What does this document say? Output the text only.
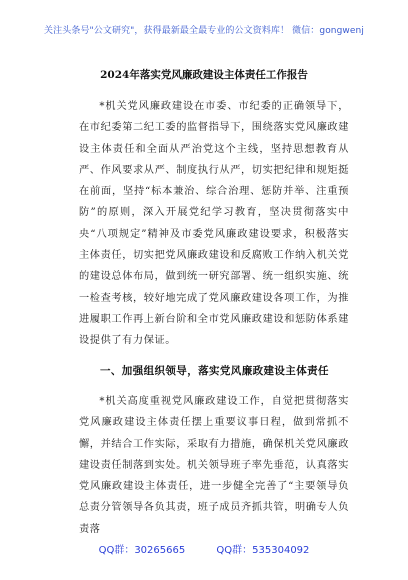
关注头条号"公文研究"，获得最新最全最专业的公文资料库！ 微信：gongwenj
2024年落实党风廉政建设主体责任工作报告

*机关党风廉政建设在市委、市纪委的正确领导下，在市纪委第二纪工委的监督指导下，围绕落实党风廉政建设主体责任和全面从严治党这个主线，坚持思想教育从严、作风要求从严、制度执行从严，切实把纪律和规矩挺在前面，坚持“标本兼治、综合治理、惩防并举、注重预防”的原则，深入开展党纪学习教育，坚决贯彻落实中央“八项规定”精神及市委党风廉政建设要求，积极落实主体责任，切实把党风廉政建设和反腐败工作纳入机关党的建设总体布局，做到统一研究部署、统一组织实施、统一检查考核，较好地完成了党风廉政建设各项工作，为推进履职工作再上新台阶和全市党风廉政建设和惩防体系建设提供了有力保证。

一、加强组织领导，落实党风廉政建设主体责任

*机关高度重视党风廉政建设工作，自觉把贯彻落实党风廉政建设主体责任摆上重要议事日程，做到常抓不懈，并结合工作实际，采取有力措施，确保机关党风廉政建设责任制落到实处。机关领导班子率先垂范，认真落实党风廉政建设主体责任，进一步健全完善了“主要领导负总责分管领导各负其责，班子成员齐抓共管，明确专人负责落

QQ群：30265665	QQ群：535304092
